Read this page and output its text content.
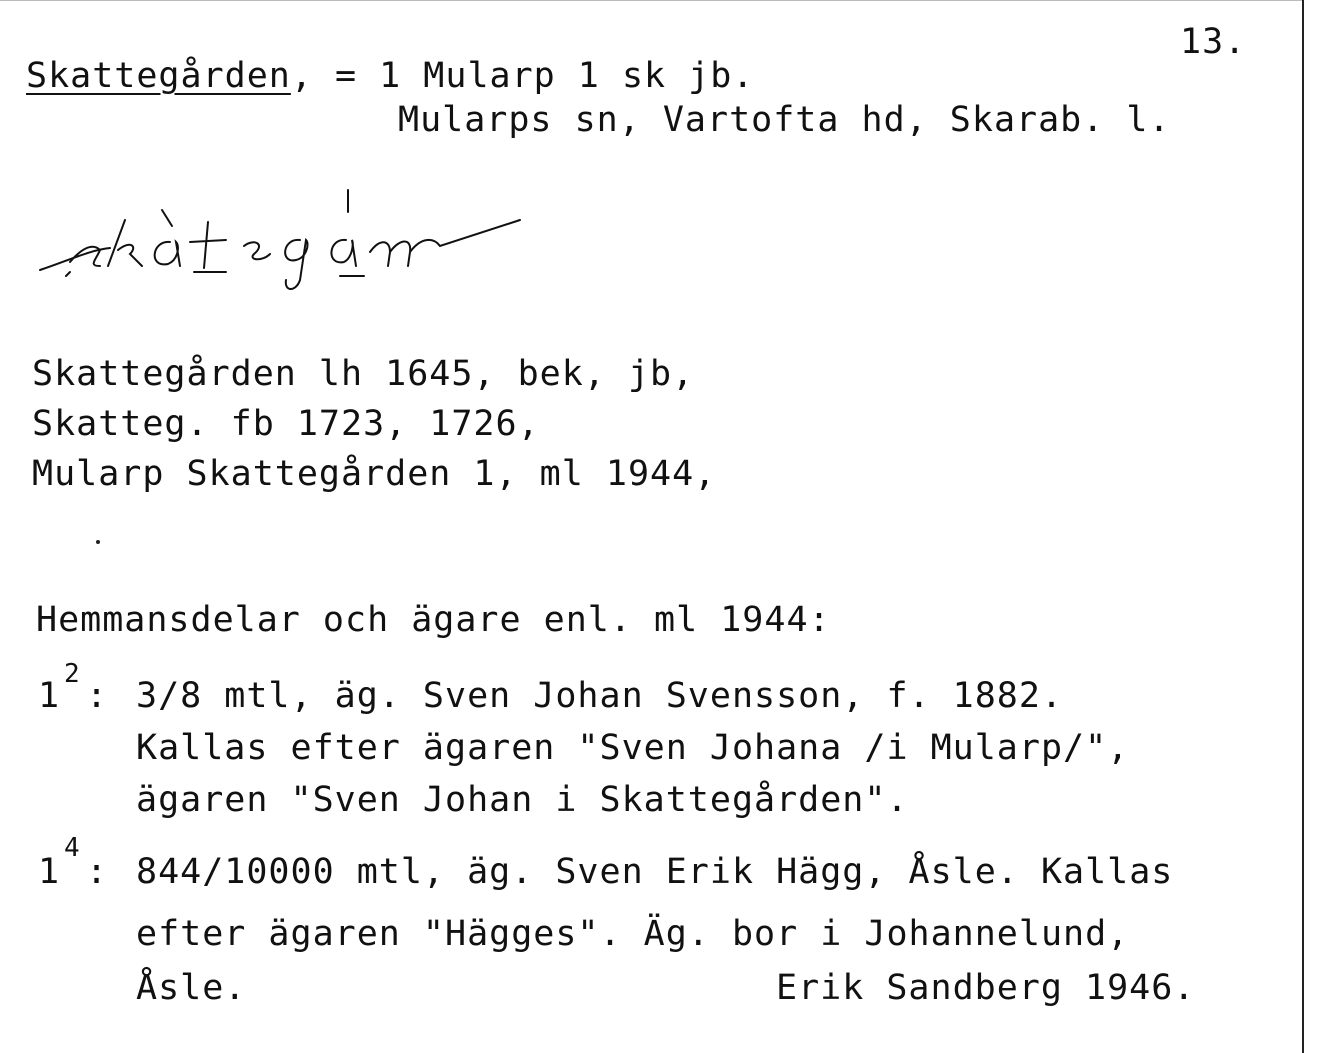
13.
Skattegården, = 1 Mularp 1 sk jb.
Mularps sn, Vartofta hd, Skarab. l.
Skattegården lh 1645, bek, jb,
Skatteg. fb 1723, 1726,
Mularp Skattegården 1, ml 1944,
Hemmansdelar och ägare enl. ml 1944:
1
2
: 3/8 mtl, äg. Sven Johan Svensson, f. 1882.
Kallas efter ägaren "Sven Johana /i Mularp/",
ägaren "Sven Johan i Skattegården".
1
4
: 844/10000 mtl, äg. Sven Erik Hägg, Åsle. Kallas
efter ägaren "Hägges". Äg. bor i Johannelund,
Åsle.	Erik Sandberg 1946.
